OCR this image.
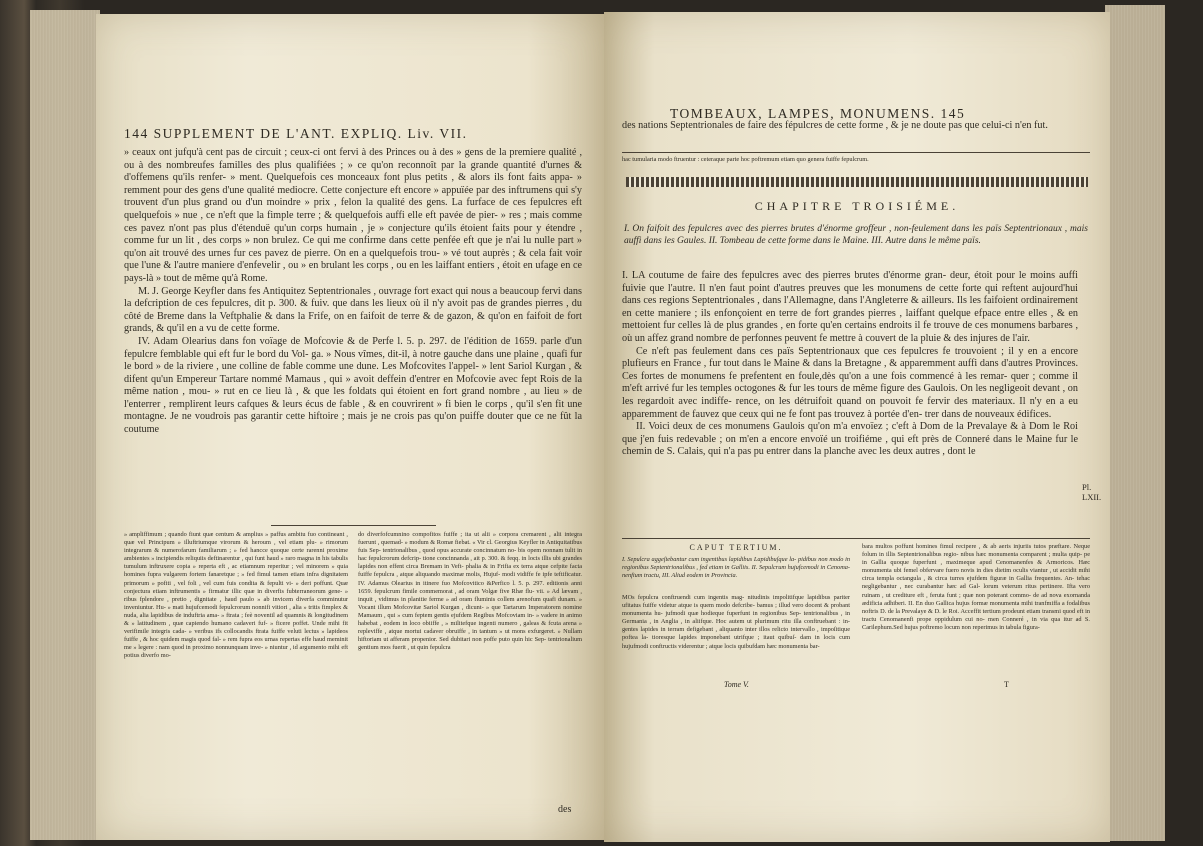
144 SUPPLEMENT DE L'ANT. EXPLIQ. Liv. VII.

» ceaux ont jufqu'à cent pas de circuit ; ceux-ci ont fervi à des Princes ou à des » gens de la premiere qualité , ou à des nombreufes familles des plus qualifiées ; » ce qu'on reconnoît par la grande quantité d'urnes & d'offemens qu'ils renfer- » ment. Quelquefois ces monceaux font plus petits , & alors ils font faits appa- » remment pour des gens d'une qualité mediocre. Cette conjecture eft encore » appuïée par des inftrumens qui s'y trouvent d'un plus grand ou d'un moindre » prix , felon la qualité des gens. La furface de ces fepulcres eft quelquefois » nue , ce n'eft que la fimple terre ; & quelquefois auffi elle eft pavée de pier- » res ; mais comme ces pavez n'ont pas plus d'étenduë qu'un corps humain , je » conjecture qu'ils étoient faits pour y étendre , comme fur un lit , des corps » non brulez. Ce qui me confirme dans cette penfée eft que je n'ai lu nulle part » qu'on ait trouvé des urnes fur ces pavez de pierre. On en a quelquefois trou- » vé tout auprès ; & cela fait voir que l'une & l'autre maniere d'enfevelir , ou » en brulant les corps , ou en les laiffant entiers , étoit en ufage en ce pays-là » tout de même qu'à Rome.

M. J. George Keyfler dans fes Antiquitez Septentrionales , ouvrage fort exact qui nous a beaucoup fervi dans la defcription de ces fepulcres, dit p. 300. & fuiv. que dans les lieux où il n'y avoit pas de grandes pierres , du côté de Breme dans la Veftphalie & dans la Frife, on en faifoit de terre & de gazon, & qu'on en faifoit de fort grands, & qu'il en a vu de cette forme.

IV. Adam Olearius dans fon voïage de Mofcovie & de Perfe l. 5. p. 297. de l'édition de 1659. parle d'un fepulcre femblable qui eft fur le bord du Vol- ga. » Nous vîmes, dit-il, à notre gauche dans une plaine , quafi fur le bord » de la riviere , une colline de fable comme une dune. Les Mofcovites l'appel- » lent Sariol Kurgan , & difent qu'un Empereur Tartare nommé Mamaus , qui » avoit deffein d'entrer en Mofcovie avec fept Rois de la même nation , mou- » rut en ce lieu là , & que les foldats qui étoient en fort grand nombre , au lieu » de l'enterrer , remplirent leurs cafques & leurs écus de fable , & en couvrirent » fi bien le corps , qu'il s'en fit une montagne. Je ne voudrois pas garantir cette hiftoire ; mais je ne crois pas qu'on puiffe douter que ce ne fût la coutume

» ampliffimum ; quando fiunt quæ centum & amplius » paffus ambitu fuo contineant , quæ vel Principum » illuftriumque virorum & heroum , vel etiam plu- » rimorum integrarum & numerofarum familiarum ; » fed hancce quoque certe rarenni proxime ambientes » incipiendis reliquiis deftinarentur , qui funt haud » raro magna in his tabulis tumulum inftruxere copia » reperta eft , ac etiamnum reperitur ; vel minorem » quia homines fupra vulgarem fortem fanaretque ; » fed fimul tamen etiam infra dignitatem primorum » pofiti , vel foli , vel cum fuis condita & fepulti vi- » deri poffunt. Quæ conjectura etiam inftrumentis » firmatur illic quæ in diverfis fubterraneorum gene- » ribus fplendore , pretio , dignitate , haud paulo » ab invicem diverfa comminutur inveniuntur. Hu- » mati hujufcemodi fepulcrorum nonnifi vitiori , alia » tritis fimplex & nuda, alia lapidibus de induftria ama- » ftrata ; feè noventil ad quamnis & longitudinem & » latitudinem , quæ capiendo humano cadaveri fuf- » ficere poffet. Unde mihi fit verifimile integris cada- » veribus ifs collocandis ftrata fuiffe veluti lectus » lapideos fuiffe , & hoc quidem magis quod fal- » rem fupra eos urnas repertas effe haud meminit me » legere : nam quod in proximo nonnunquam inve- » niuntur , id argumento mihi eft potius diverfo mo-
do diverfofcumnino compofitos fuiffe ; ita ut alii » corpora cremarent , alii integra fuerunt , quemad- » modum & Romæ fiebat. « Vir cl. Georgius Keyfler in Antiquitatibus fuis Sep- tentrionalibus , quod opus accurate concinnatum no- bis opem nonnam tulit in hac fepulcrorum defcrip- tione concinnanda , ait p. 300. & feqq. in locis illis ubi grandes lapides non effent circa Bremam in Veft- phalia & in Frifia ex terra atque cefpite facta fuiffe fepulcra , atque aliquando maximæ molis, Hujuf- modi vidiffe fe ipfe teftificatur. IV. Adamus Olearius in itinere fuo Mofcovitico &Perfico l. 5. p. 297. editionis anni 1659. fepulcrum fimile commemorat , ad oram Volgæ five Rhæ flu- vii. » Ad lævam , inquit , vidimus in planitie ferme » ad oram fluminis collem arenofum quafi dunam. » Vocant illum Mofcovitæ Sariol Kurgan , dicunt- » que Tartarum Imperatorem nomine Mamaum , qui » cum feptem gentis ejufdem Regibus Mofcoviam in- » vadere in animo habebat , eodem in loco obiiffe , » militefque ingenti numero , galeas & fcuta arena » repleviffe , atque mortui cadaver obruiffe , in tantum » ut mons exfurgeret. » Nullam hiftoriam ut afferam propenior. Sed dubitari non poffe puto quin hic Sep- tentrionalium gentium mos fuerit , ut quin fepulcra
des
TOMBEAUX, LAMPES, MONUMENS. 145
des nations Septentrionales de faire des fépulcres de cette forme , & je ne doute pas que celui-ci n'en fut.
hac tumularia modo ftruentur : ceteraque parte hoc poftremum etiam quo genera fuiffe fepulcrum.
CHAPITRE TROISIÉME.
I. On faifoit des fepulcres avec des pierres brutes d'énorme groffeur , non-feulement dans les païs Septentrionaux , mais auffi dans les Gaules. II. Tombeau de cette forme dans le Maine. III. Autre dans le même païs.

I. LA coutume de faire des fepulcres avec des pierres brutes d'énorme gran- deur, étoit pour le moins auffi fuivie que l'autre. Il n'en faut point d'autres preuves que les monumens de cette forte qui reftent aujourd'hui dans ces regions Septentrionales , dans l'Allemagne, dans l'Angleterre & ailleurs. Ils les faifoient ordinairement en cette maniere ; ils enfonçoient en terre de fort grandes pierres , laiffant quelque efpace entre elles , & en mettoient fur celles là de plus grandes , en forte qu'en certains endroits il fe trouve de ces monumens barbares , où un affez grand nombre de perfonnes peuvent fe mettre à couvert de la pluie & des injures de l'air.

Ce n'eft pas feulement dans ces païs Septentrionaux que ces fepulcres fe trouvoient ; il y en a encore plufieurs en France , fur tout dans le Maine & dans la Bretagne , & apparemment auffi dans d'autres Provinces. Ces fortes de monumens fe prefentent en foule,dès qu'on a une fois commencé à les remar- quer ; comme il m'eft arrivé fur les temples octogones & fur les tours de même figure des Gaulois. On les negligeoit devant , on les regardoit avec indiffe- rence, on les détruifoit quand on pouvoit fe fervir des materiaux. Il n'y en a eu apparemment de fauvez que ceux qui ne fe font pas trouvez à portée d'en- trer dans de nouveaux édifices.

II. Voici deux de ces monumens Gaulois qu'on m'a envoïez ; c'eft à Dom de la Prevalaye & à Dom le Roi que j'en fuis redevable ; on m'en a encore envoïé un troifiéme , qui eft près de Conneré dans le Maine fur le chemin de S. Calais, qui n'a pas pu entrer dans la planche avec les deux autres , dont le

Pl. LXII.
CAPUT TERTIUM.
I. Sepulcra aggeſtebantur cum ingentibus lapidibus Lapidibuſque la- pidibus non modo in regionibus Septentrionalibus , fed etiam in Galliis. II. Sepulcrum hujufcemodi in Cenoma- nenfium tractu, III. Aliud eodem in Provincia.
MOs fepulcra conftruendi cum ingentis mag- nitudinis impolitifque lapidibus pariter ufitatus fuiffe videtur atque is quem modo defcribe- bamus ; illud vero docent & probant monumenta hu- jufmodi quæ hodieque fuperfunt in regionibus Sep- tentrionalibus , in Germania , in Anglia , in aliifque. Hoc autem ut plurimum ritu illa conftruebant : in- gentes lapides in terram defigebant , aliquanto inter illos relicto intervallo , impoſitique poftea la- tioresque lapides imponebant utrifque ; itaut quibuſ- dam in locis cum hujufmodi conftructis viderentur ; atque locis quibufdam hæc monumenta bar-
bara multos poffunt homines fimul recipere , & ab aeris injuriis tutos præftare. Neque folum in illis Septentrionalibus regio- nibus hæc monumenta comparent ; multa quip- pe in Gallia quoque fuperfunt , maximeque apud Cenomanenfes & Armoricos. Hæc monumenta ubi femel obfervare fuero novis in dies dietim oculis viantur , ut accidit mihi circa templa octangula , & circa turres ejufdem figuræ in Gallia frequentes. An- tehac negligebantur , nec curabantur hæc ad Gal- lorum veterum ritus pertinere. Ifta vero ruinam , ut crediture eft , feruta funt ; quæ non poterant commo- de ad nova exornanda ædificia adhiberi. II. En duo Gallica hujus formæ monumenta mihi tranfmiffa a fodalibus noftris D. de la Prevalaye & D. le Roi. Acceffit tertium prodeunt etiam transmi quod eft in tractu Cenomanenfi prope oppidulum cui no- men Conneré , in via qua itur ad S. Carilephum.Sed hujus poftremo locum non reperimus in tabula figura-
Tome V.	T
